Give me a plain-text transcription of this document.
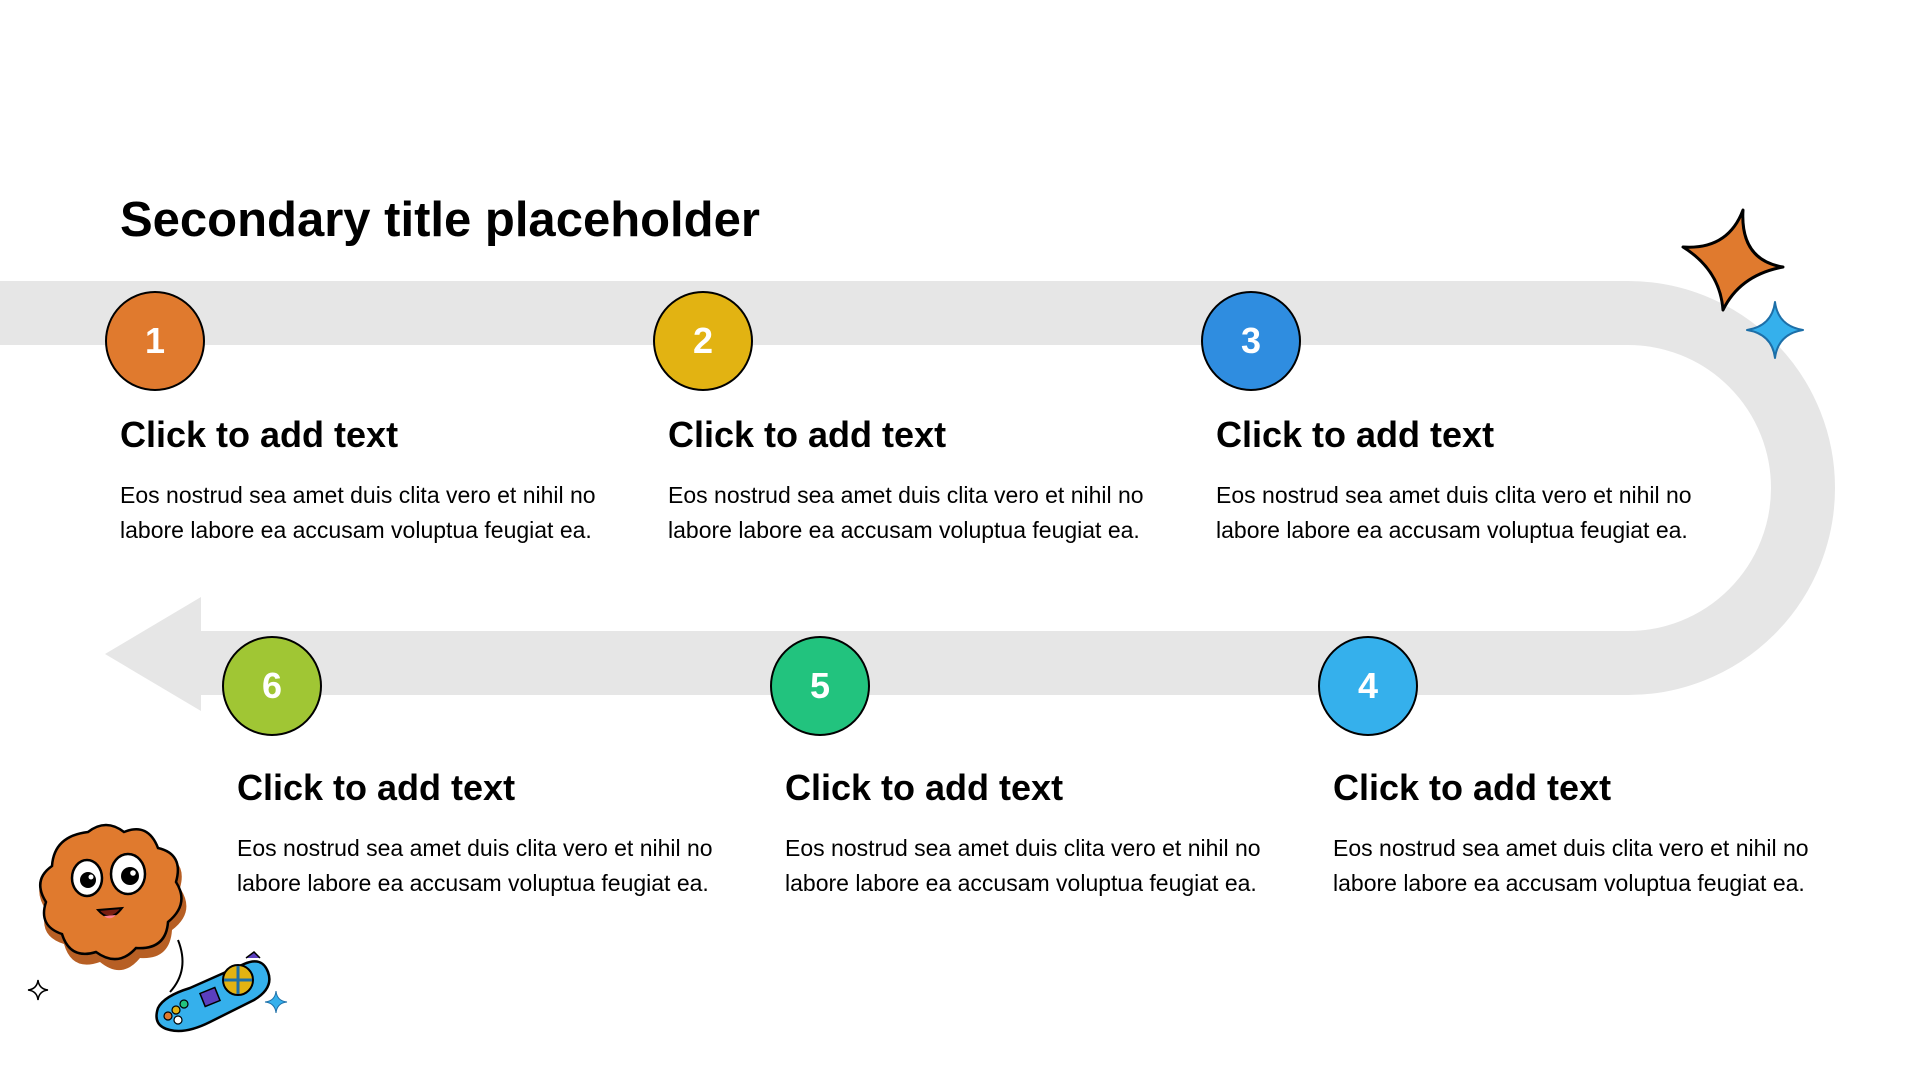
Secondary title placeholder
1
Click to add text

Eos nostrud sea amet duis clita vero et nihil no labore labore ea accusam voluptua feugiat ea.

2
Click to add text

Eos nostrud sea amet duis clita vero et nihil no labore labore ea accusam voluptua feugiat ea.

3
Click to add text

Eos nostrud sea amet duis clita vero et nihil no labore labore ea accusam voluptua feugiat ea.

4
Click to add text

Eos nostrud sea amet duis clita vero et nihil no labore labore ea accusam voluptua feugiat ea.

5
Click to add text

Eos nostrud sea amet duis clita vero et nihil no labore labore ea accusam voluptua feugiat ea.

6
Click to add text

Eos nostrud sea amet duis clita vero et nihil no labore labore ea accusam voluptua feugiat ea.
